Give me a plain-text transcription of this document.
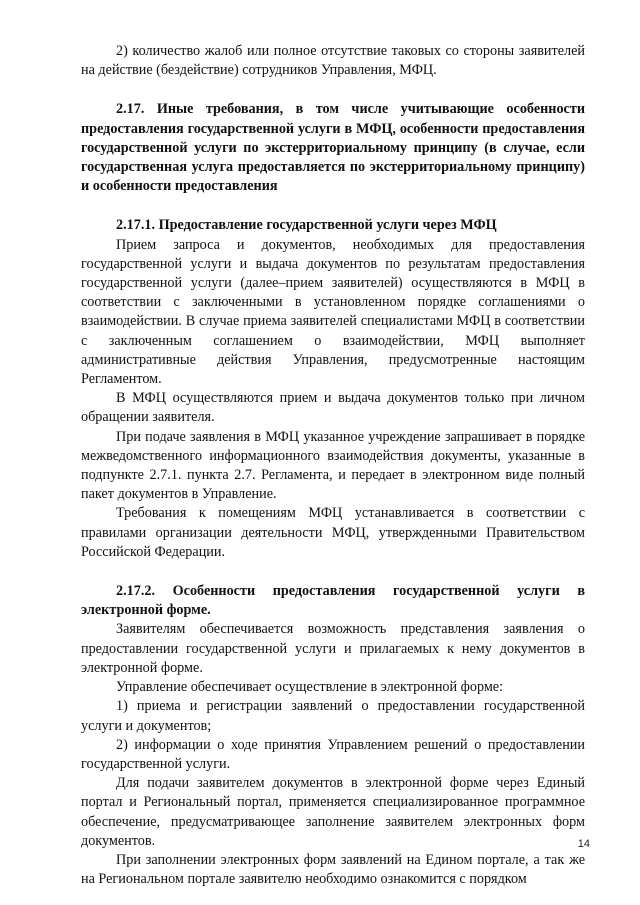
2) количество жалоб или полное отсутствие таковых со стороны заявителей на действие (бездействие) сотрудников Управления, МФЦ.

2.17. Иные требования, в том числе учитывающие особенности предоставления государственной услуги в МФЦ, особенности предоставления государственной услуги по экстерриториальному принципу (в случае, если государственная услуга предоставляется по экстерриториальному принципу) и особенности предоставления

2.17.1. Предоставление государственной услуги через МФЦ

Прием запроса и документов, необходимых для предоставления государственной услуги и выдача документов по результатам предоставления государственной услуги (далее–прием заявителей) осуществляются в МФЦ в соответствии с заключенными в установленном порядке соглашениями о взаимодействии. В случае приема заявителей специалистами МФЦ в соответствии с заключенным соглашением о взаимодействии, МФЦ выполняет административные действия Управления, предусмотренные настоящим Регламентом.

В МФЦ осуществляются прием и выдача документов только при личном обращении заявителя.

При подаче заявления в МФЦ указанное учреждение запрашивает в порядке межведомственного информационного взаимодействия документы, указанные в подпункте 2.7.1. пункта 2.7. Регламента, и передает в электронном виде полный пакет документов в Управление.

Требования к помещениям МФЦ устанавливается в соответствии с правилами организации деятельности МФЦ, утвержденными Правительством Российской Федерации.

2.17.2. Особенности предоставления государственной услуги в электронной форме.

Заявителям обеспечивается возможность представления заявления о предоставлении государственной услуги и прилагаемых к нему документов в электронной форме.

Управление обеспечивает осуществление в электронной форме:

1) приема и регистрации заявлений о предоставлении государственной услуги и документов;

2) информации о ходе принятия Управлением решений о предоставлении государственной услуги.

Для подачи заявителем документов в электронной форме через Единый портал и Региональный портал, применяется специализированное программное обеспечение, предусматривающее заполнение заявителем электронных форм документов.

При заполнении электронных форм заявлений на Едином портале, а так же на Региональном портале заявителю необходимо ознакомится с порядком

14
